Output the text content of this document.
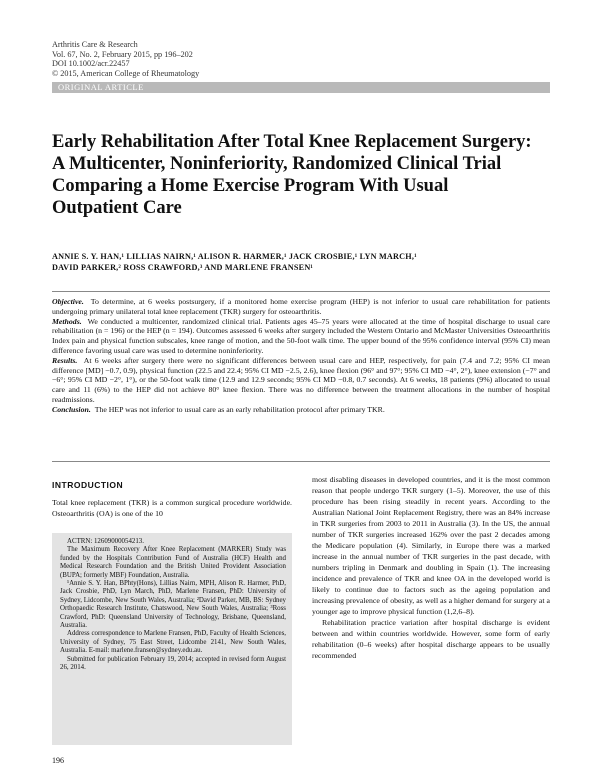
Arthritis Care & Research
Vol. 67, No. 2, February 2015, pp 196–202
DOI 10.1002/acr.22457
© 2015, American College of Rheumatology
ORIGINAL ARTICLE
Early Rehabilitation After Total Knee Replacement Surgery: A Multicenter, Noninferiority, Randomized Clinical Trial Comparing a Home Exercise Program With Usual Outpatient Care
ANNIE S. Y. HAN,¹ LILLIAS NAIRN,¹ ALISON R. HARMER,¹ JACK CROSBIE,¹ LYN MARCH,¹
DAVID PARKER,² ROSS CRAWFORD,³ AND MARLENE FRANSEN¹

Objective. To determine, at 6 weeks postsurgery, if a monitored home exercise program (HEP) is not inferior to usual care rehabilitation for patients undergoing primary unilateral total knee replacement (TKR) surgery for osteoarthritis.

Methods. We conducted a multicenter, randomized clinical trial. Patients ages 45–75 years were allocated at the time of hospital discharge to usual care rehabilitation (n = 196) or the HEP (n = 194). Outcomes assessed 6 weeks after surgery included the Western Ontario and McMaster Universities Osteoarthritis Index pain and physical function subscales, knee range of motion, and the 50-foot walk time. The upper bound of the 95% confidence interval (95% CI) mean difference favoring usual care was used to determine noninferiority.

Results. At 6 weeks after surgery there were no significant differences between usual care and HEP, respectively, for pain (7.4 and 7.2; 95% CI mean difference [MD] −0.7, 0.9), physical function (22.5 and 22.4; 95% CI MD −2.5, 2.6), knee flexion (96° and 97°; 95% CI MD −4°, 2°), knee extension (−7° and −6°; 95% CI MD −2°, 1°), or the 50-foot walk time (12.9 and 12.9 seconds; 95% CI MD −0.8, 0.7 seconds). At 6 weeks, 18 patients (9%) allocated to usual care and 11 (6%) to the HEP did not achieve 80° knee flexion. There was no difference between the treatment allocations in the number of hospital readmissions.

Conclusion. The HEP was not inferior to usual care as an early rehabilitation protocol after primary TKR.

INTRODUCTION

Total knee replacement (TKR) is a common surgical procedure worldwide. Osteoarthritis (OA) is one of the 10

ACTRN: 12609000054213.

The Maximum Recovery After Knee Replacement (MARKER) Study was funded by the Hospitals Contribution Fund of Australia (HCF) Health and Medical Research Foundation and the British United Provident Association (BUPA; formerly MBF) Foundation, Australia.

¹Annie S. Y. Han, BPhty(Hons), Lillias Nairn, MPH, Alison R. Harmer, PhD, Jack Crosbie, PhD, Lyn March, PhD, Marlene Fransen, PhD: University of Sydney, Lidcombe, New South Wales, Australia; ²David Parker, MB, BS: Sydney Orthopaedic Research Institute, Chatswood, New South Wales, Australia; ³Ross Crawford, PhD: Queensland University of Technology, Brisbane, Queensland, Australia.

Address correspondence to Marlene Fransen, PhD, Faculty of Health Sciences, University of Sydney, 75 East Street, Lidcombe 2141, New South Wales, Australia. E-mail: marlene.fransen@sydney.edu.au.

Submitted for publication February 19, 2014; accepted in revised form August 26, 2014.

most disabling diseases in developed countries, and it is the most common reason that people undergo TKR surgery (1–5). Moreover, the use of this procedure has been rising steadily in recent years. According to the Australian National Joint Replacement Registry, there was an 84% increase in TKR surgeries from 2003 to 2011 in Australia (3). In the US, the annual number of TKR surgeries increased 162% over the past 2 decades among the Medicare population (4). Similarly, in Europe there was a marked increase in the annual number of TKR surgeries in the past decade, with numbers tripling in Denmark and doubling in Spain (1). The increasing incidence and prevalence of TKR and knee OA in the developed world is likely to continue due to factors such as the ageing population and increasing prevalence of obesity, as well as a higher demand for surgery at a younger age to improve physical function (1,2,6–8).

Rehabilitation practice variation after hospital discharge is evident between and within countries worldwide. However, some form of early rehabilitation (0–6 weeks) after hospital discharge appears to be usually recommended

196
